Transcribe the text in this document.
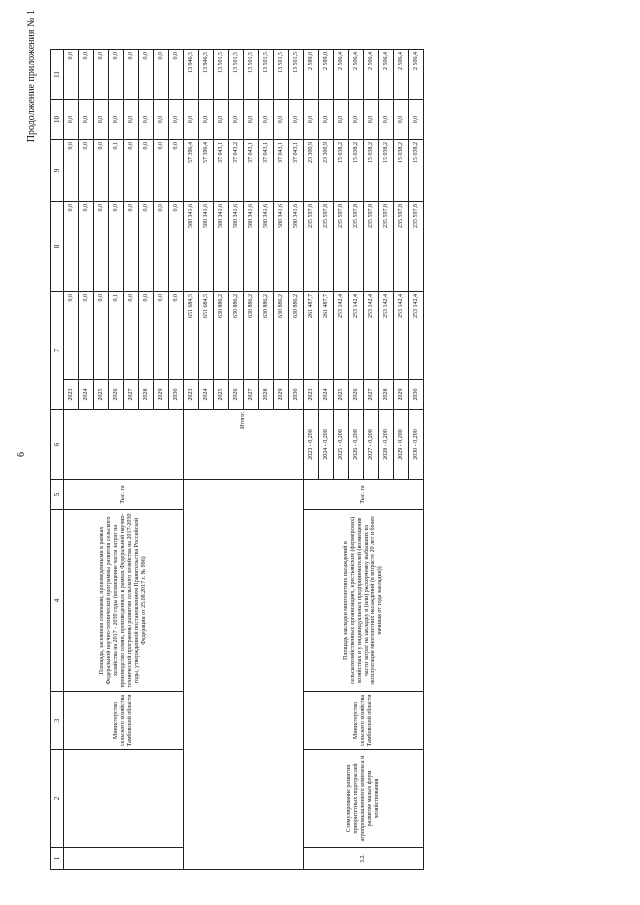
6
Продолжение приложения № 1
1	2	3	4	5	6	7		8	9	10	11
		Министерство сельского хозяйства Тамбовской области	Площадь, засеянная семенами, произведенными в рамках Федеральной научно-технической программы развития сельского хозяйства на 2017 - 2030 годы (возмещение части затрат на производство семян, произведенных в рамках Федеральной научно-технической программы развития сельского хозяйства на 2017-2030 годы, утвержденной постановлением Правительства Российской Федерации от 25.08.2017 г. № 996)	Тыс. га		2023	0,0	0,0	0,0	0,0	0,0
						2024	0,0	0,0	0,0	0,0	0,0
						2025	0,0	0,0	0,0	0,0	0,0
						2026	0,1	0,0	0,1	0,0	0,0
						2027	0,0	0,0	0,0	0,0	0,0
						2028	0,0	0,0	0,0	0,0	0,0
						2029	0,0	0,0	0,0	0,0	0,0
						2030	0,0	0,0	0,0	0,0	0,0
					Итого:	2023	651 684,5	580 341,6	57 396,4	0,0	13 946,5
						2024	651 684,5	580 341,6	57 396,4	0,0	13 946,5
						2025	630 886,2	580 341,6	37 043,1	0,0	13 501,5
						2026	630 886,2	580 341,6	37 043,2	0,0	13 501,5
						2027	630 886,2	580 341,6	37 043,1	0,0	13 501,5
						2028	630 886,2	580 341,6	37 043,1	0,0	13 501,5
						2029	630 886,2	580 341,6	37 043,1	0,0	13 501,5
						2030	630 886,2	580 341,6	37 043,1	0,0	13 501,5
3.2.	Стимулирование развития приоритетных подотраслей агропромышленного комплекса и развитие малых форм хозяйствования	Министерство сельского хозяйства Тамбовской области	Площадь закладки многолетних насаждений в сельскохозяйственных организациях, крестьянских (фермерских) хозяйствах и у индивидуальных предпринимателей (возмещение части затрат на закладку и (или) раскорчевку выбывших из эксплуатации многолетних насаждений (в возрасте 20 лет и более начиная от года закладки))	Тыс. га	2023 - 0,200	2023	261 487,7	235 597,8	23 300,9	0,0	2 589,0
					2024 - 0,200	2024	261 487,7	235 597,8	23 300,9	0,0	2 589,0
					2025 - 0,200	2025	253 142,4	235 597,8	15 038,2	0,0	2 506,4
					2026 - 0,200	2026	253 142,4	235 597,8	15 038,2	0,0	2 506,4
					2027 - 0,200	2027	253 142,4	235 597,8	15 038,2	0,0	2 506,4
					2028 - 0,200	2028	253 142,4	235 597,8	15 038,2	0,0	2 506,4
					2029 - 0,200	2029	253 142,4	235 597,8	15 038,2	0,0	2 506,4
					2030 - 0,200	2030	253 142,4	235 597,8	15 038,2	0,0	2 506,4
